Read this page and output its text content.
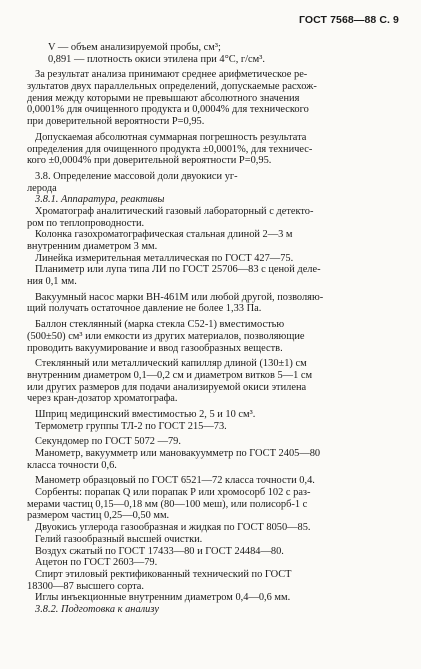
ГОСТ 7568—88 С. 9
V — объем анализируемой пробы, см³;
0,891 — плотность окиси этилена при 4°С, г/см³.
За результат анализа принимают среднее арифметическое ре-
зультатов двух параллельных определений, допускаемые расхож-
дения между которыми не превышают абсолютного значения
0,0001% для очищенного продукта и 0,0004% для технического
при доверительной вероятности P=0,95.
Допускаемая абсолютная суммарная погрешность результата
определения для очищенного продукта ±0,0001%, для техничес-
кого ±0,0004% при доверительной вероятности P=0,95.
3.8. Определение массовой доли двуокиси уг-
лерода
3.8.1. Аппаратура, реактивы
Хроматограф аналитический газовый лабораторный с детекто-
ром по теплопроводности.
Колонка газохроматографическая стальная длиной 2—3 м
внутренним диаметром 3 мм.
Линейка измерительная металлическая по ГОСТ 427—75.
Планиметр или лупа типа ЛИ по ГОСТ 25706—83 с ценой деле-
ния 0,1 мм.
Вакуумный насос марки ВН-461М или любой другой, позволяю-
щий получать остаточное давление не более 1,33 Па.
Баллон стеклянный (марка стекла С52-1) вместимостью
(500±50) см³ или емкости из других материалов, позволяющие
проводить вакуумирование и ввод газообразных веществ.
Стеклянный или металлический капилляр длиной (130±1) см
внутренним диаметром 0,1—0,2 см и диаметром витков 5—1 см
или других размеров для подачи анализируемой окиси этилена
через кран-дозатор хроматографа.
Шприц медицинский вместимостью 2, 5 и 10 см³.
Термометр группы ТЛ-2 по ГОСТ 215—73.
Секундомер по ГОСТ 5072 —79.
Манометр, вакуумметр или мановакуумметр по ГОСТ 2405—80
класса точности 0,6.
Манометр образцовый по ГОСТ 6521—72 класса точности 0,4.
Сорбенты: порапак Q или порапак Р или хромосорб 102 с раз-
мерами частиц 0,15—0,18 мм (80—100 меш), или полисорб-1 с
размером частиц 0,25—0,50 мм.
Двуокись углерода газообразная и жидкая по ГОСТ 8050—85.
Гелий газообразный высшей очистки.
Воздух сжатый по ГОСТ 17433—80 и ГОСТ 24484—80.
Ацетон по ГОСТ 2603—79.
Спирт этиловый ректификованный технический по ГОСТ
18300—87 высшего сорта.
Иглы инъекционные внутренним диаметром 0,4—0,6 мм.
3.8.2. Подготовка к анализу
